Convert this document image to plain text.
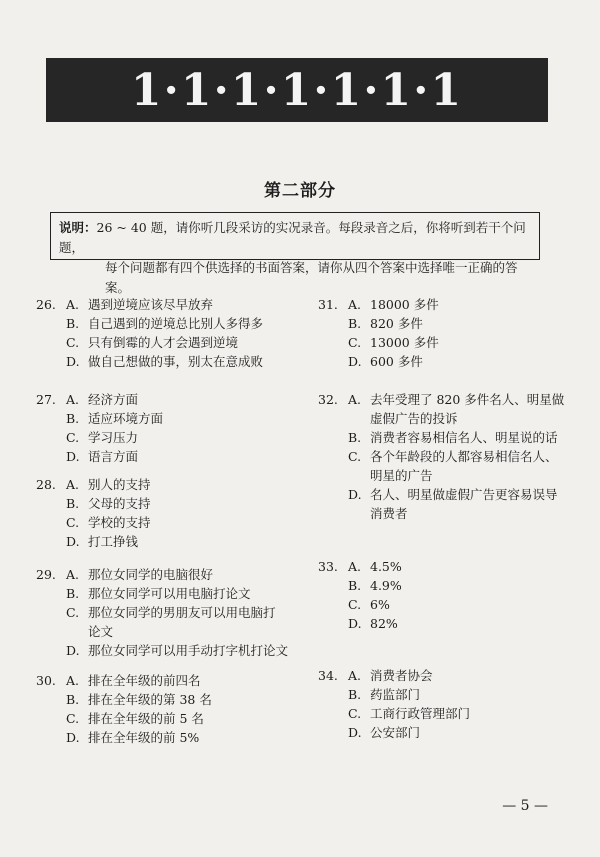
1·1·1·1·1·1·1
第二部分
说明：26 ~ 40 题，请你听几段采访的实况录音。每段录音之后，你将听到若干个问题，
每个问题都有四个供选择的书面答案，请你从四个答案中选择唯一正确的答案。
26. A. 遇到逆境应该尽早放弃
B. 自己遇到的逆境总比别人多得多
C. 只有倒霉的人才会遇到逆境
D. 做自己想做的事，别太在意成败
27. A. 经济方面
B. 适应环境方面
C. 学习压力
D. 语言方面
28. A. 别人的支持
B. 父母的支持
C. 学校的支持
D. 打工挣钱
29. A. 那位女同学的电脑很好
B. 那位女同学可以用电脑打论文
C. 那位女同学的男朋友可以用电脑打
论文
D. 那位女同学可以用手动打字机打论文
30. A. 排在全年级的前四名
B. 排在全年级的第 38 名
C. 排在全年级的前 5 名
D. 排在全年级的前 5%
31. A. 18000 多件
B. 820 多件
C. 13000 多件
D. 600 多件
32. A. 去年受理了 820 多件名人、明星做
虚假广告的投诉
B. 消费者容易相信名人、明星说的话
C. 各个年龄段的人都容易相信名人、
明星的广告
D. 名人、明星做虚假广告更容易误导
消费者
33. A. 4.5%
B. 4.9%
C. 6%
D. 82%
34. A. 消费者协会
B. 药监部门
C. 工商行政管理部门
D. 公安部门
— 5 —
